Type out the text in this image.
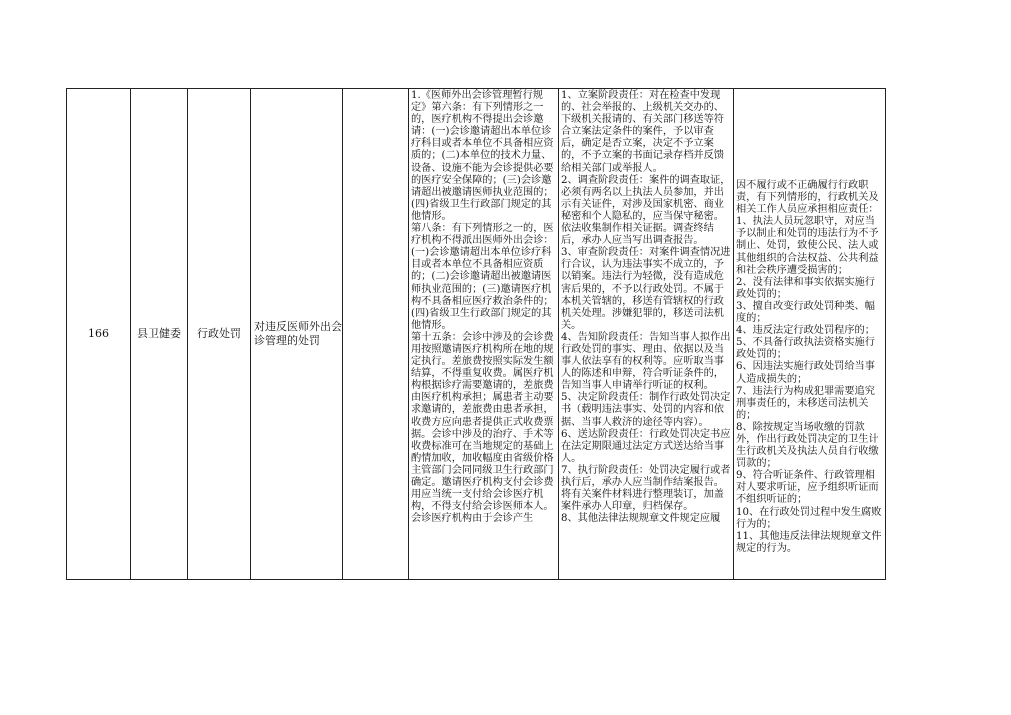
166	县卫健委	行政处罚
对违反医师外出会诊管理的处罚

1.《医师外出会诊管理暂行规定》第六条：有下列情形之一的，医疗机构不得提出会诊邀请：(一)会诊邀请超出本单位诊疗科目或者本单位不具备相应资质的；(二)本单位的技术力量、设备、设施不能为会诊提供必要的医疗安全保障的；(三)会诊邀请超出被邀请医师执业范围的；(四)省级卫生行政部门规定的其他情形。
第八条：有下列情形之一的，医疗机构不得派出医师外出会诊：(一)会诊邀请超出本单位诊疗科目或者本单位不具备相应资质的；(二)会诊邀请超出被邀请医师执业范围的；(三)邀请医疗机构不具备相应医疗救治条件的；(四)省级卫生行政部门规定的其他情形。
第十五条：会诊中涉及的会诊费用按照邀请医疗机构所在地的规定执行。差旅费按照实际发生额结算，不得重复收费。属医疗机构根据诊疗需要邀请的，差旅费由医疗机构承担；属患者主动要求邀请的，差旅费由患者承担，收费方应向患者提供正式收费票据。会诊中涉及的治疗、手术等收费标准可在当地规定的基础上酌情加收，加收幅度由省级价格主管部门会同同级卫生行政部门确定。邀请医疗机构支付会诊费用应当统一支付给会诊医疗机构，不得支付给会诊医师本人。会诊医疗机构由于会诊产生

1、立案阶段责任：对在检查中发现的、社会举报的、上级机关交办的、下级机关报请的、有关部门移送等符合立案法定条件的案件，予以审查后，确定是否立案，决定不予立案的，不予立案的书面记录存档并反馈给相关部门或举报人。
2、调查阶段责任：案件的调查取证，必须有两名以上执法人员参加，并出示有关证件，对涉及国家机密、商业秘密和个人隐私的，应当保守秘密。依法收集制作相关证据。调查终结后，承办人应当写出调查报告。
3、审查阶段责任：对案件调查情况进行合议，认为违法事实不成立的，予以销案。违法行为轻微，没有造成危害后果的，不予以行政处罚。不属于本机关管辖的，移送有管辖权的行政机关处理。涉嫌犯罪的，移送司法机关。
4、告知阶段责任：告知当事人拟作出行政处罚的事实、理由、依据以及当事人依法享有的权利等。应听取当事人的陈述和申辩，符合听证条件的，告知当事人申请举行听证的权利。
5、决定阶段责任：制作行政处罚决定书（载明违法事实、处罚的内容和依据、当事人救济的途径等内容）。
6、送达阶段责任：行政处罚决定书应在法定期限通过法定方式送达给当事人。
7、执行阶段责任：处罚决定履行或者执行后，承办人应当制作结案报告。将有关案件材料进行整理装订，加盖案件承办人印章，归档保存。
8、其他法律法规规章文件规定应履

因不履行或不正确履行行政职责，有下列情形的，行政机关及相关工作人员应承担相应责任：
1、执法人员玩忽职守，对应当予以制止和处罚的违法行为不予制止、处罚，致使公民、法人或其他组织的合法权益、公共利益和社会秩序遭受损害的；
2、没有法律和事实依据实施行政处罚的；
3、擅自改变行政处罚种类、幅度的；
4、违反法定行政处罚程序的；
5、不具备行政执法资格实施行政处罚的；
6、因违法实施行政处罚给当事人造成损失的；
7、违法行为构成犯罪需要追究刑事责任的，未移送司法机关的；
8、除按规定当场收缴的罚款外，作出行政处罚决定的卫生计生行政机关及执法人员自行收缴罚款的；
9、符合听证条件、行政管理相对人要求听证，应予组织听证而不组织听证的；
10、在行政处罚过程中发生腐败行为的；
11、其他违反法律法规规章文件规定的行为。
